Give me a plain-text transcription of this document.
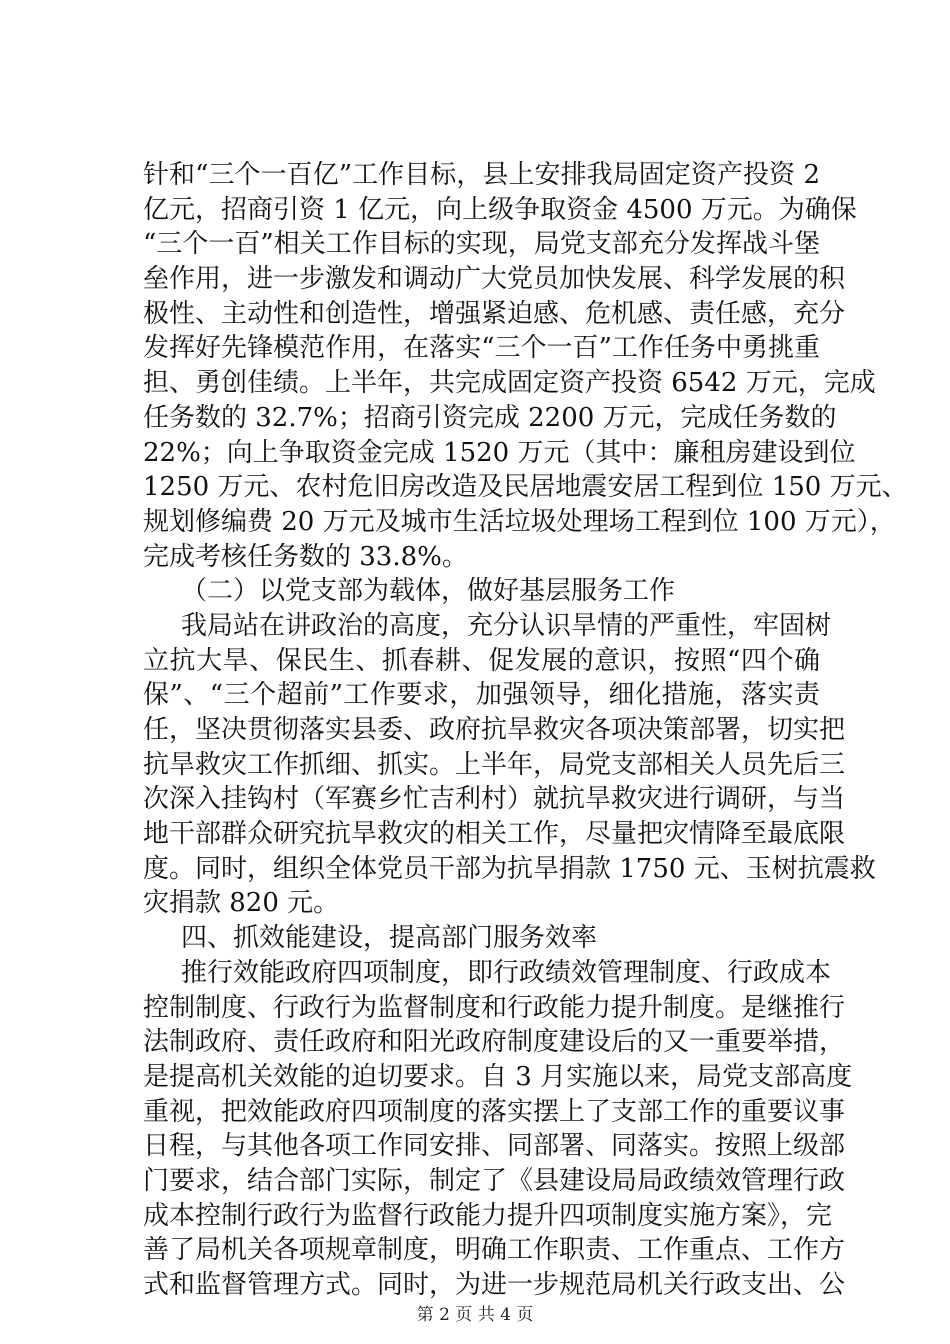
针和“三个一百亿”工作目标，县上安排我局固定资产投资 2
亿元，招商引资 1 亿元，向上级争取资金 4500 万元。为确保
“三个一百”相关工作目标的实现，局党支部充分发挥战斗堡
垒作用，进一步激发和调动广大党员加快发展、科学发展的积
极性、主动性和创造性，增强紧迫感、危机感、责任感，充分
发挥好先锋模范作用，在落实“三个一百”工作任务中勇挑重
担、勇创佳绩。上半年，共完成固定资产投资 6542 万元，完成
任务数的 32.7%；招商引资完成 2200 万元，完成任务数的
22%；向上争取资金完成 1520 万元（其中：廉租房建设到位
1250 万元、农村危旧房改造及民居地震安居工程到位 150 万元、
规划修编费 20 万元及城市生活垃圾处理场工程到位 100 万元），
完成考核任务数的 33.8%。
（二）以党支部为载体，做好基层服务工作
我局站在讲政治的高度，充分认识旱情的严重性，牢固树
立抗大旱、保民生、抓春耕、促发展的意识，按照“四个确
保”、“三个超前”工作要求，加强领导，细化措施，落实责
任，坚决贯彻落实县委、政府抗旱救灾各项决策部署，切实把
抗旱救灾工作抓细、抓实。上半年，局党支部相关人员先后三
次深入挂钩村（军赛乡忙吉利村）就抗旱救灾进行调研，与当
地干部群众研究抗旱救灾的相关工作，尽量把灾情降至最底限
度。同时，组织全体党员干部为抗旱捐款 1750 元、玉树抗震救
灾捐款 820 元。
四、抓效能建设，提高部门服务效率
推行效能政府四项制度，即行政绩效管理制度、行政成本
控制制度、行政行为监督制度和行政能力提升制度。是继推行
法制政府、责任政府和阳光政府制度建设后的又一重要举措，
是提高机关效能的迫切要求。自 3 月实施以来，局党支部高度
重视，把效能政府四项制度的落实摆上了支部工作的重要议事
日程，与其他各项工作同安排、同部署、同落实。按照上级部
门要求，结合部门实际，制定了《县建设局局政绩效管理行政
成本控制行政行为监督行政能力提升四项制度实施方案》，完
善了局机关各项规章制度，明确工作职责、工作重点、工作方
式和监督管理方式。同时，为进一步规范局机关行政支出、公
第 2 页 共 4 页
